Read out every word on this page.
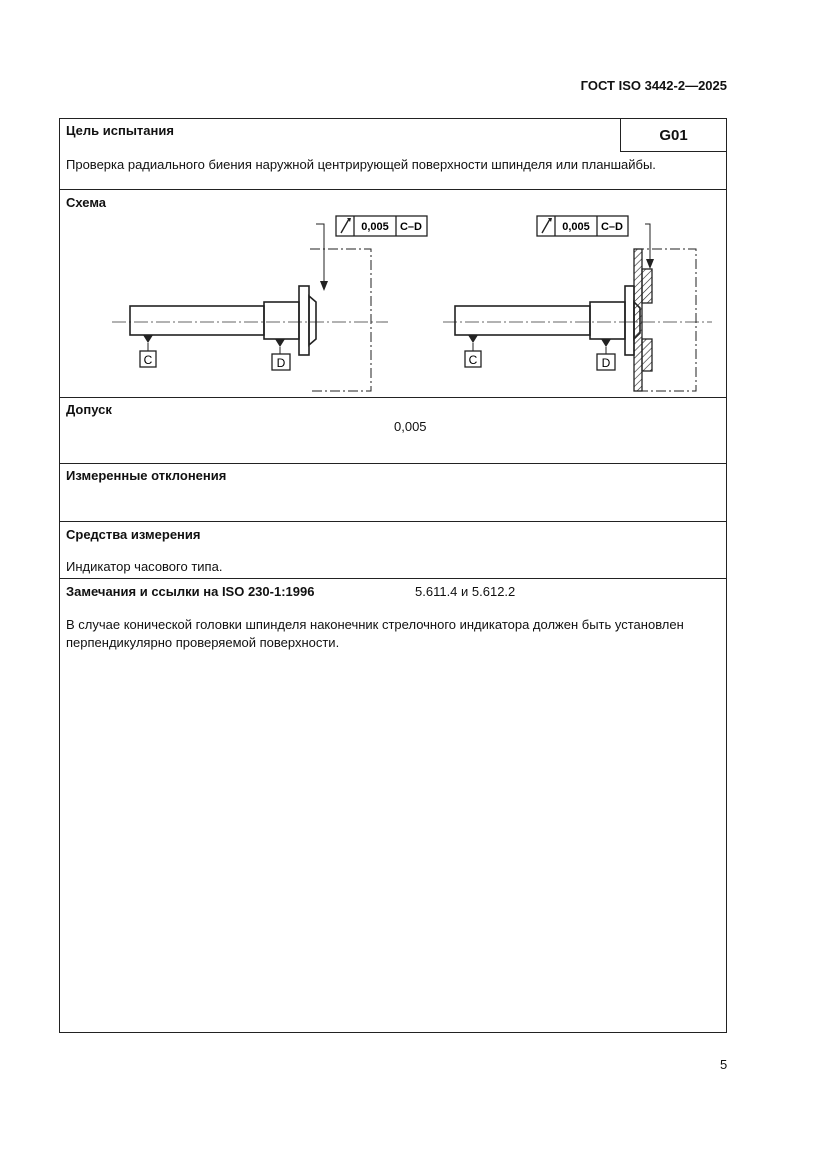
ГОСТ ISO 3442-2—2025
Цель испытания	G01
Проверка радиального биения наружной центрирующей поверхности шпинделя или планшайбы.
Схема
C	D
0,005 C–D
C	D
0,005 C–D
Допуск
0,005
Измеренные отклонения
Средства измерения
Индикатор часового типа.
Замечания и ссылки на ISO 230-1:1996	5.611.4 и 5.612.2
В случае конической головки шпинделя наконечник стрелочного индикатора должен быть установлен
перпендикулярно проверяемой поверхности.
5
